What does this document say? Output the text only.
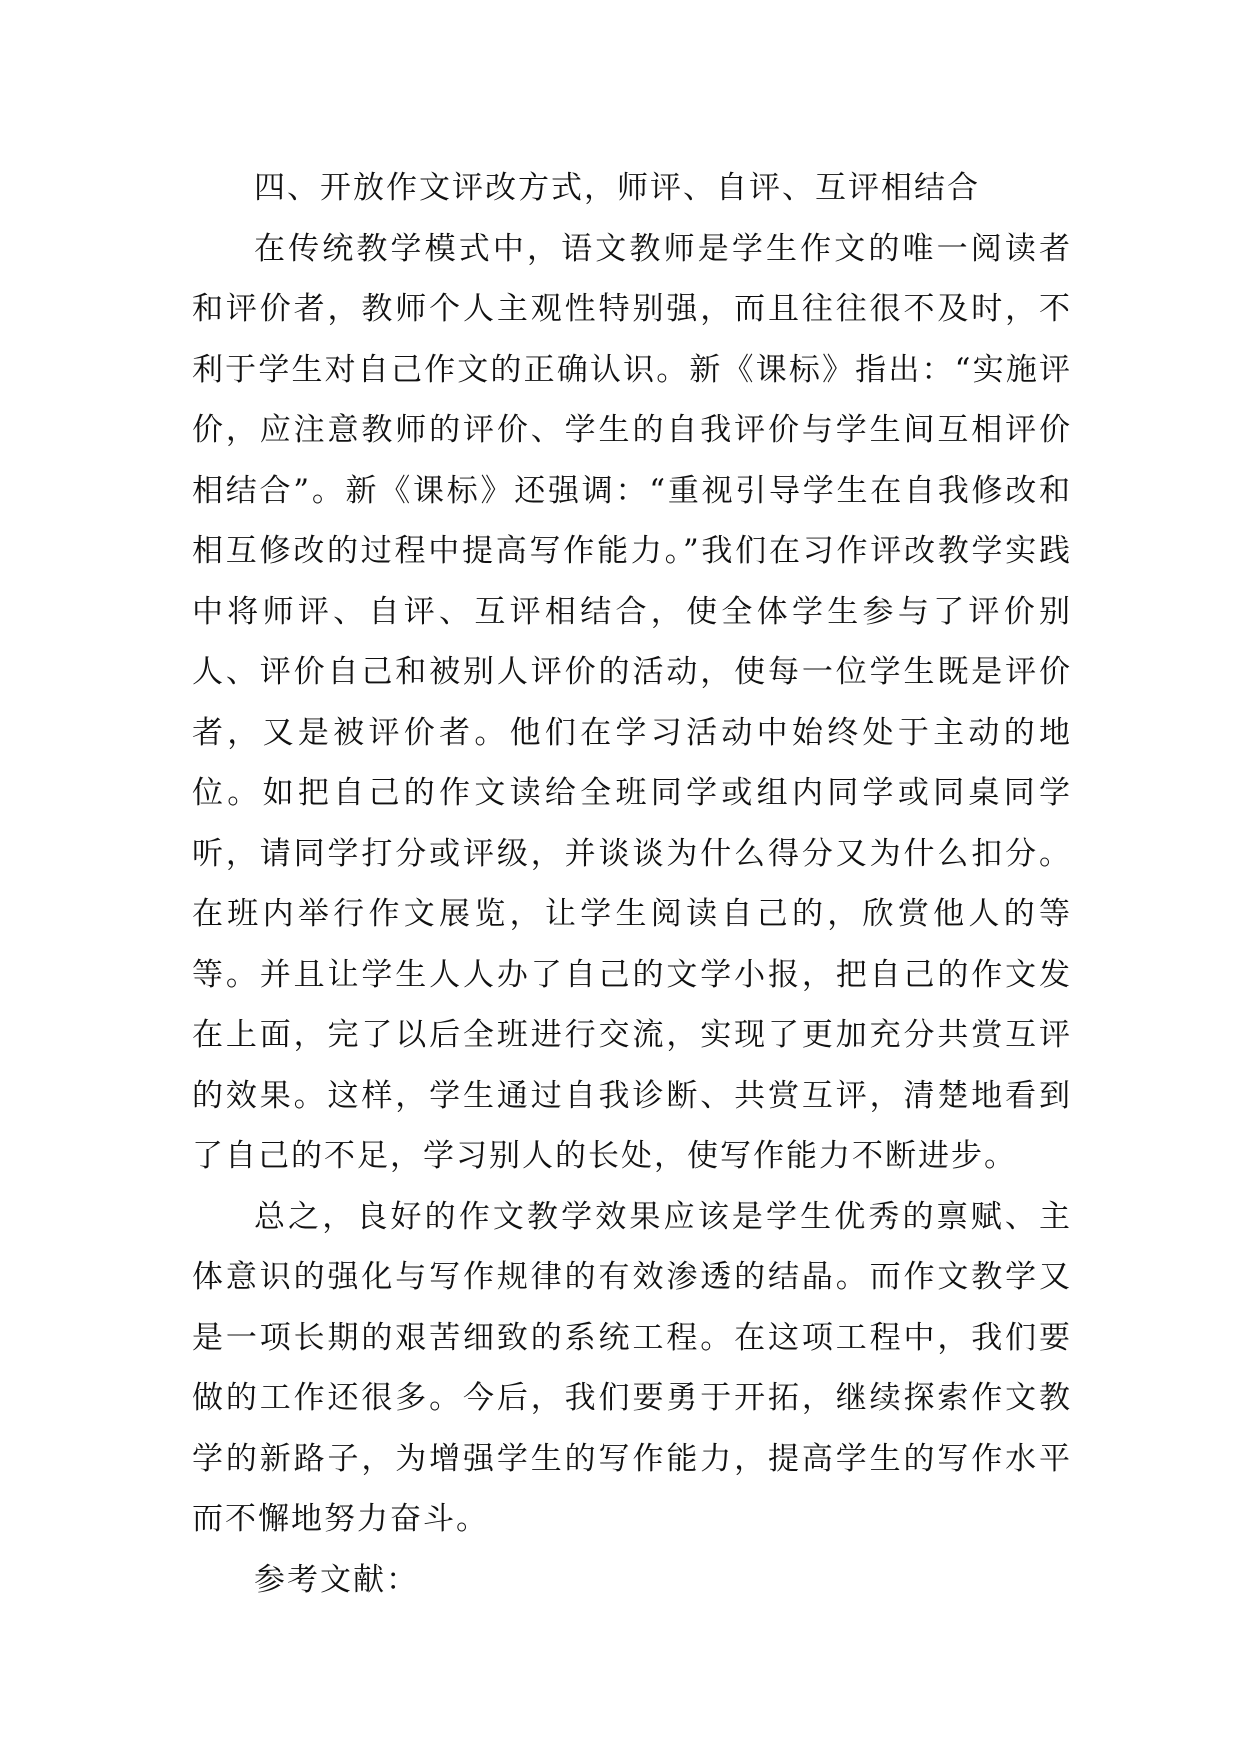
四、开放作文评改方式，师评、自评、互评相结合

在传统教学模式中，语文教师是学生作文的唯一阅读者和评价者，教师个人主观性特别强，而且往往很不及时，不利于学生对自己作文的正确认识。新《课标》指出：“实施评价，应注意教师的评价、学生的自我评价与学生间互相评价相结合”。新《课标》还强调：“重视引导学生在自我修改和相互修改的过程中提高写作能力。”我们在习作评改教学实践中将师评、自评、互评相结合，使全体学生参与了评价别人、评价自己和被别人评价的活动，使每一位学生既是评价者，又是被评价者。他们在学习活动中始终处于主动的地位。如把自己的作文读给全班同学或组内同学或同桌同学听，请同学打分或评级，并谈谈为什么得分又为什么扣分。在班内举行作文展览，让学生阅读自己的，欣赏他人的等等。并且让学生人人办了自己的文学小报，把自己的作文发在上面，完了以后全班进行交流，实现了更加充分共赏互评的效果。这样，学生通过自我诊断、共赏互评，清楚地看到了自己的不足，学习别人的长处，使写作能力不断进步。

总之，良好的作文教学效果应该是学生优秀的禀赋、主体意识的强化与写作规律的有效渗透的结晶。而作文教学又是一项长期的艰苦细致的系统工程。在这项工程中，我们要做的工作还很多。今后，我们要勇于开拓，继续探索作文教学的新路子，为增强学生的写作能力，提高学生的写作水平而不懈地努力奋斗。

参考文献：
